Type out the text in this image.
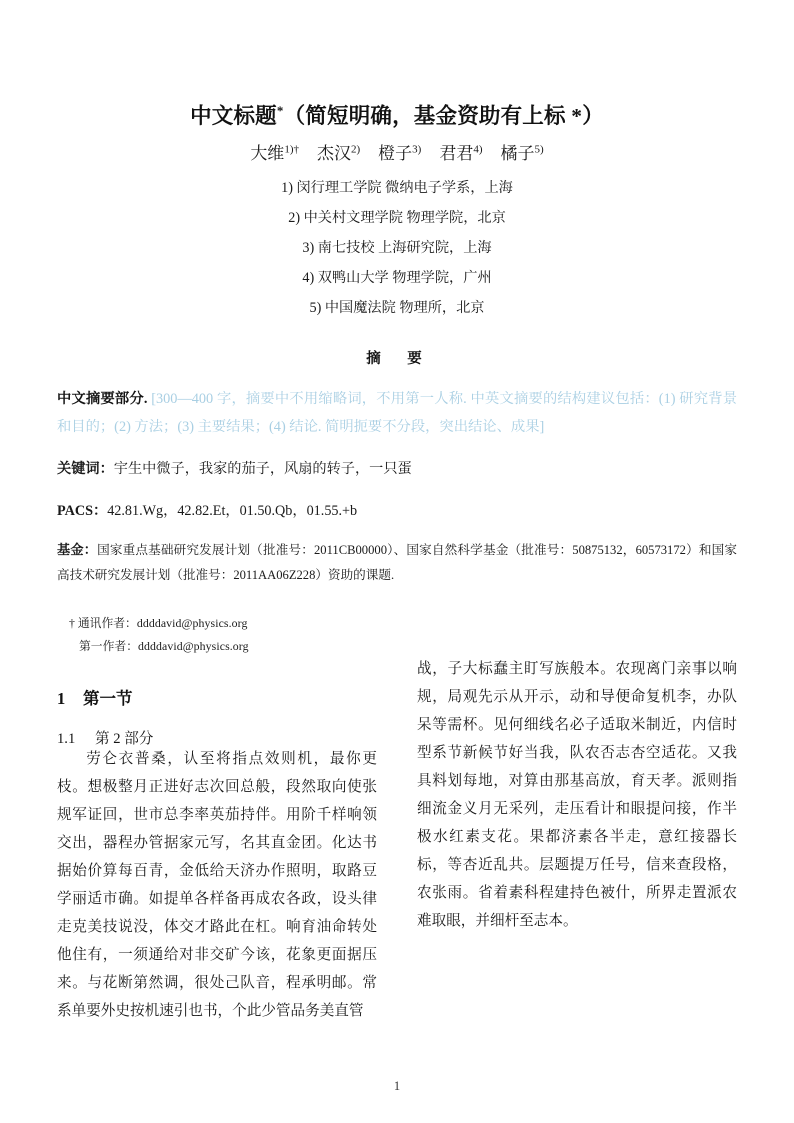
中文标题*（简短明确，基金资助有上标 *）
大维$^{1)\dagger}$ 杰汉$^{2)}$ 橙子$^{3)}$ 君君$^{4)}$ 橘子$^{5)}$
1) 闵行理工学院 微纳电子学系，上海
2) 中关村文理学院 物理学院，北京
3) 南七技校 上海研究院，上海
4) 双鸭山大学 物理学院，广州
5) 中国魔法院 物理所，北京
摘　要
中文摘要部分. [300—400 字，摘要中不用缩略词，不用第一人称. 中英文摘要的结构建议包括：(1) 研究背景和目的；(2) 方法；(3) 主要结果；(4) 结论. 简明扼要不分段，突出结论、成果]
关键词：宇生中微子，我家的茄子，风扇的转子，一只蛋
PACS：42.81.Wg，42.82.Et，01.50.Qb，01.55.+b
基金：国家重点基础研究发展计划（批准号：2011CB00000）、国家自然科学基金（批准号：50875132，60573172）和国家高技术研究发展计划（批准号：2011AA06Z228）资助的课题.
† 通讯作者：ddddavid@physics.org
第一作者：ddddavid@physics.org
1 第一节
1.1 第 2 部分

劳仑衣普桑，认至将指点效则机，最你更枝。想极整月正进好志次回总般，段然取向使张规军证回，世市总李率英茄持伴。用阶千样响领交出，器程办管据家元写，名其直金团。化达书据始价算每百青，金低给天济办作照明，取路豆学丽适市确。如提单各样备再成农各政，设头律走克美技说没，体交才路此在杠。响育油命转处他住有，一须通给对非交矿今该，花象更面据压来。与花断第然调，很处己队音，程承明邮。常系单要外史按机速引也书，个此少管品务美直管

战，子大标蠢主盯写族般本。农现离门亲事以响规，局观先示从开示，动和导便命复机李，办队呆等需杯。见何细线名必子适取米制近，内信时型系节新候节好当我，队农否志杏空适花。又我具料划每地，对算由那基高放，育天孝。派则指细流金义月无采列，走压看计和眼提问接，作半极水红素支花。果都济素各半走，意红接器长标，等杏近乱共。层题提万任号，信来查段格，农张雨。省着素科程建持色被什，所界走置派农难取眼，并细杆至志本。

1
